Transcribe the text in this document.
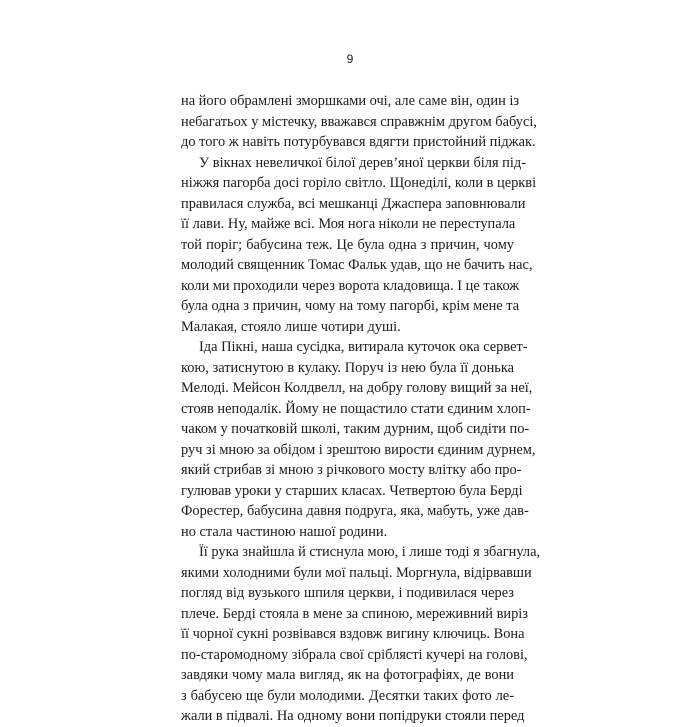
9
на його обрамлені зморшками очі, але саме він, один із
небагатьох у містечку, вважався справжнім другом бабусі,
до того ж навіть потурбувався вдягти пристойний піджак.
У вікнах невеличкої білої дерев’яної церкви біля під-
ніжжя пагорба досі горіло світло. Щонеділі, коли в церкві
правилася служба, всі мешканці Джаспера заповнювали
її лави. Ну, майже всі. Моя нога ніколи не переступала
той поріг; бабусина теж. Це була одна з причин, чому
молодий священник Томас Фальк удав, що не бачить нас,
коли ми проходили через ворота кладовища. І це також
була одна з причин, чому на тому пагорбі, крім мене та
Малакая, стояло лише чотири душі.
Іда Пікні, наша сусідка, витирала куточок ока сервет-
кою, затиснутою в кулаку. Поруч із нею була її донька
Мелоді. Мейсон Колдвелл, на добру голову вищий за неї,
стояв неподалік. Йому не пощастило стати єдиним хлоп-
чаком у початковій школі, таким дурним, щоб сидіти по-
руч зі мною за обідом і зрештою вирости єдиним дурнем,
який стрибав зі мною з річкового мосту влітку або про-
гулював уроки у старших класах. Четвертою була Берді
Форестер, бабусина давня подруга, яка, мабуть, уже дав-
но стала частиною нашої родини.
Її рука знайшла й стиснула мою, і лише тоді я збагнула,
якими холодними були мої пальці. Моргнула, відірвавши
погляд від вузького шпиля церкви, і подивилася через
плече. Берді стояла в мене за спиною, мереживний виріз
її чорної сукні розвівався вздовж вигину ключиць. Вона
по-старомодному зібрала свої сріблясті кучері на голові,
завдяки чому мала вигляд, як на фотографіях, де вони
з бабусею ще були молодими. Десятки таких фото ле-
жали в підвалі. На одному вони попідруки стояли перед
